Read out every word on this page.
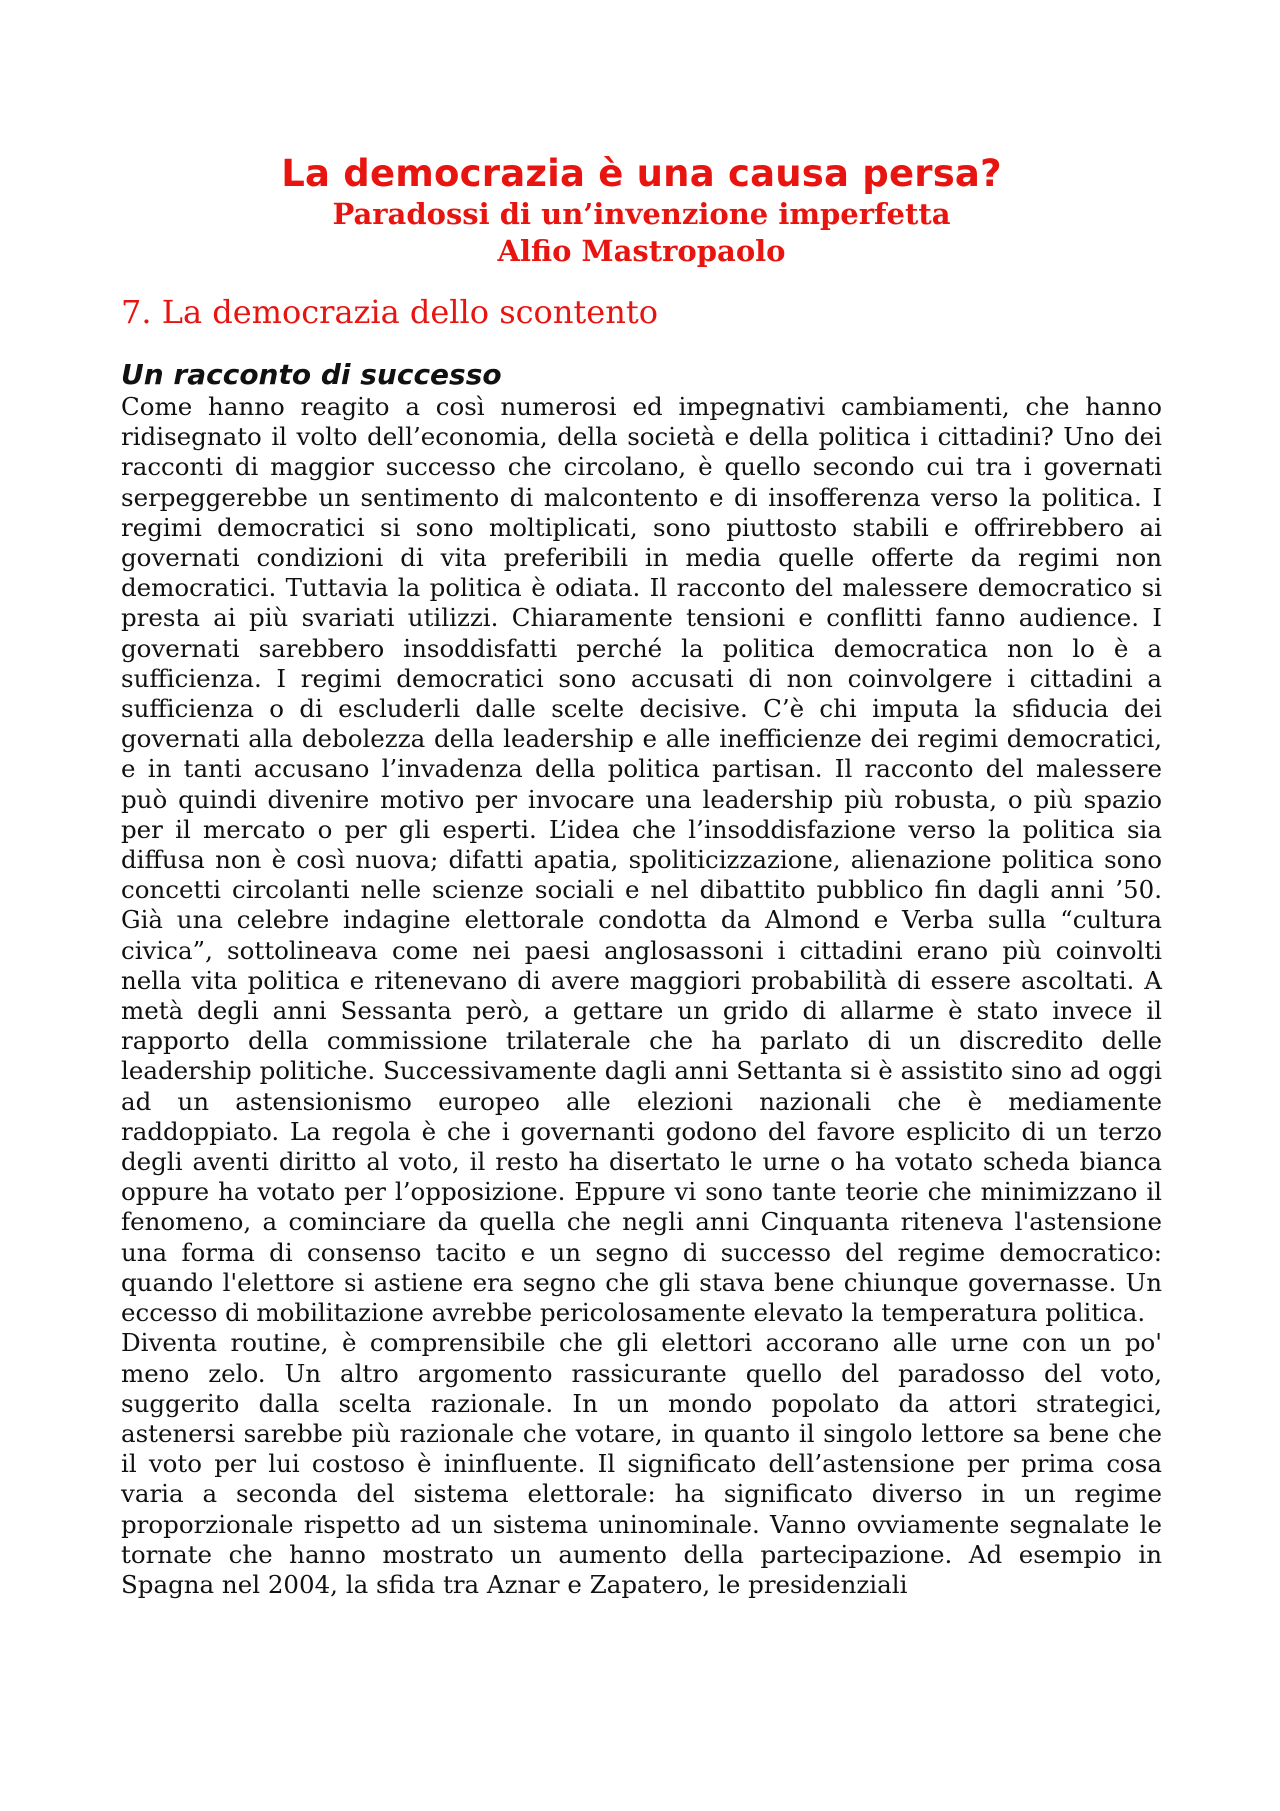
La democrazia è una causa persa?
Paradossi di un’invenzione imperfetta
Alfio Mastropaolo
7. La democrazia dello scontento
Un racconto di successo

Come hanno reagito a così numerosi ed impegnativi cambiamenti, che hanno ridisegnato il volto dell’economia, della società e della politica i cittadini? Uno dei racconti di maggior successo che circolano, è quello secondo cui tra i governati serpeggerebbe un sentimento di malcontento e di insofferenza verso la politica. I regimi democratici si sono moltiplicati, sono piuttosto stabili e offrirebbero ai governati condizioni di vita preferibili in media quelle offerte da regimi non democratici. Tuttavia la politica è odiata. Il racconto del malessere democratico si presta ai più svariati utilizzi. Chiaramente tensioni e conflitti fanno audience. I governati sarebbero insoddisfatti perché la politica democratica non lo è a sufficienza. I regimi democratici sono accusati di non coinvolgere i cittadini a sufficienza o di escluderli dalle scelte decisive. C’è chi imputa la sfiducia dei governati alla debolezza della leadership e alle inefficienze dei regimi democratici, e in tanti accusano l’invadenza della politica partisan. Il racconto del malessere può quindi divenire motivo per invocare una leadership più robusta, o più spazio per il mercato o per gli esperti. L’idea che l’insoddisfazione verso la politica sia diffusa non è così nuova; difatti apatia, spoliticizzazione, alienazione politica sono concetti circolanti nelle scienze sociali e nel dibattito pubblico fin dagli anni ’50. Già una celebre indagine elettorale condotta da Almond e Verba sulla “cultura civica”, sottolineava come nei paesi anglosassoni i cittadini erano più coinvolti nella vita politica e ritenevano di avere maggiori probabilità di essere ascoltati. A metà degli anni Sessanta però, a gettare un grido di allarme è stato invece il rapporto della commissione trilaterale che ha parlato di un discredito delle leadership politiche. Successivamente dagli anni Settanta si è assistito sino ad oggi ad un astensionismo europeo alle elezioni nazionali che è mediamente raddoppiato. La regola è che i governanti godono del favore esplicito di un terzo degli aventi diritto al voto, il resto ha disertato le urne o ha votato scheda bianca oppure ha votato per l’opposizione. Eppure vi sono tante teorie che minimizzano il fenomeno, a cominciare da quella che negli anni Cinquanta riteneva l'astensione una forma di consenso tacito e un segno di successo del regime democratico: quando l'elettore si astiene era segno che gli stava bene chiunque governasse. Un eccesso di mobilitazione avrebbe pericolosamente elevato la temperatura politica.

Diventa routine, è comprensibile che gli elettori accorano alle urne con un po' meno zelo. Un altro argomento rassicurante quello del paradosso del voto, suggerito dalla scelta razionale. In un mondo popolato da attori strategici, astenersi sarebbe più razionale che votare, in quanto il singolo lettore sa bene che il voto per lui costoso è ininfluente. Il significato dell’astensione per prima cosa varia a seconda del sistema elettorale: ha significato diverso in un regime proporzionale rispetto ad un sistema uninominale. Vanno ovviamente segnalate le tornate che hanno mostrato un aumento della partecipazione. Ad esempio in Spagna nel 2004, la sfida tra Aznar e Zapatero, le presidenziali
